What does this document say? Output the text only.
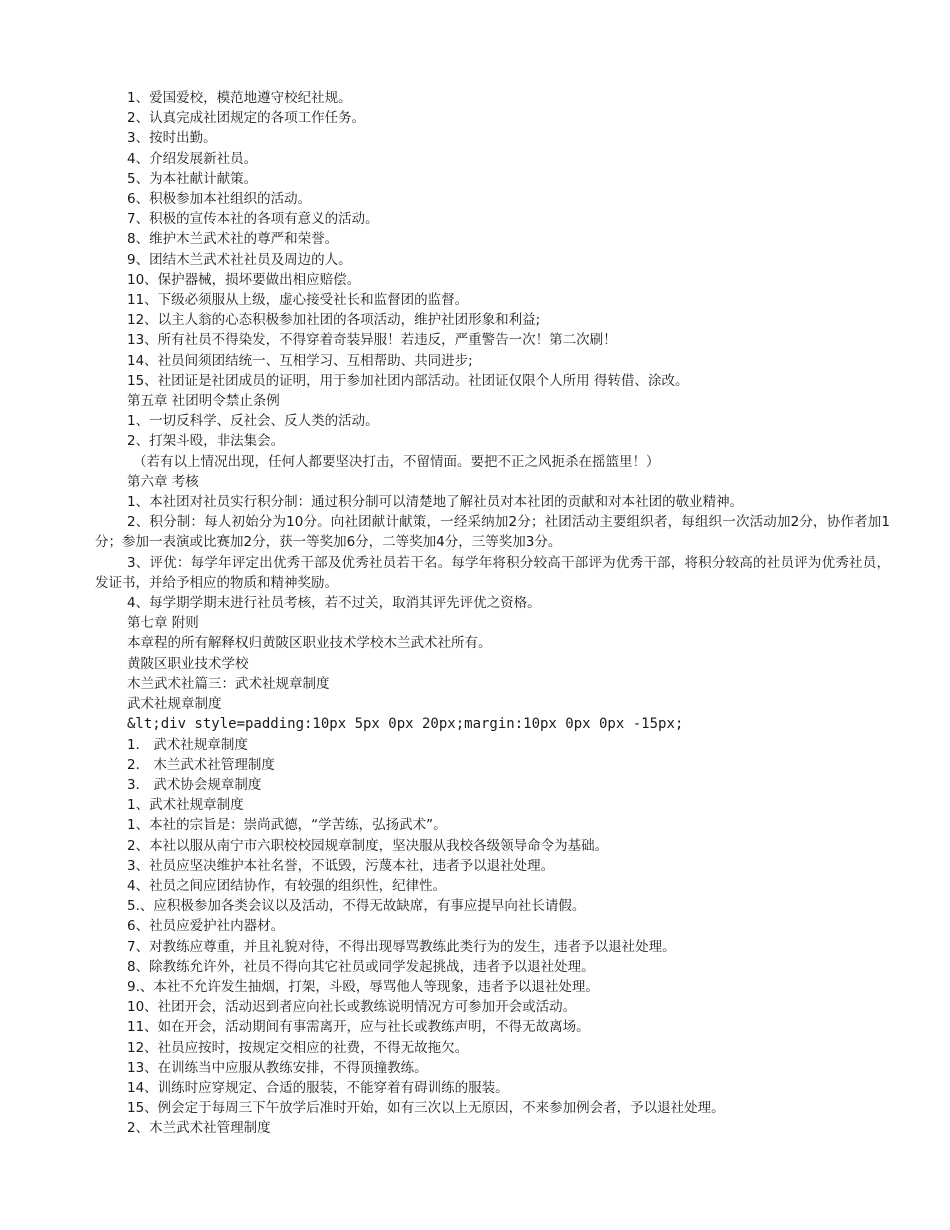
1、爱国爱校，模范地遵守校纪社规。
2、认真完成社团规定的各项工作任务。
3、按时出勤。
4、介绍发展新社员。
5、为本社献计献策。
6、积极参加本社组织的活动。
7、积极的宣传本社的各项有意义的活动。
8、维护木兰武术社的尊严和荣誉。
9、团结木兰武术社社员及周边的人。
10、保护器械，损坏要做出相应赔偿。
11、下级必须服从上级，虚心接受社长和监督团的监督。
12、以主人翁的心态积极参加社团的各项活动，维护社团形象和利益;
13、所有社员不得染发，不得穿着奇装异服！若违反，严重警告一次！第二次刷！
14、社员间须团结统一、互相学习、互相帮助、共同进步;
15、社团证是社团成员的证明，用于参加社团内部活动。社团证仅限个人所用 得转借、涂改。
第五章 社团明令禁止条例
1、一切反科学、反社会、反人类的活动。
2、打架斗殴，非法集会。
（若有以上情况出现，任何人都要坚决打击，不留情面。要把不正之风扼杀在摇篮里！）
第六章 考核
1、本社团对社员实行积分制：通过积分制可以清楚地了解社员对本社团的贡献和对本社团的敬业精神。
2、积分制：每人初始分为10分。向社团献计献策，一经采纳加2分；社团活动主要组织者，每组织一次活动加2分，协作者加1分；参加一表演或比赛加2分，获一等奖加6分，二等奖加4分，三等奖加3分。
3、评优：每学年评定出优秀干部及优秀社员若干名。每学年将积分较高干部评为优秀干部，将积分较高的社员评为优秀社员，发证书，并给予相应的物质和精神奖励。
4、每学期学期末进行社员考核，若不过关，取消其评先评优之资格。
第七章 附则
本章程的所有解释权归黄陂区职业技术学校木兰武术社所有。
黄陂区职业技术学校
木兰武术社篇三：武术社规章制度
武术社规章制度
&lt;div style=padding:10px 5px 0px 20px;margin:10px 0px 0px -15px;
1． 武术社规章制度
2． 木兰武术社管理制度
3． 武术协会规章制度
1、武术社规章制度
1、本社的宗旨是：崇尚武德，“学苦练，弘扬武术”。
2、本社以服从南宁市六职校校园规章制度，坚决服从我校各级领导命令为基础。
3、社员应坚决维护本社名誉，不诋毁，污蔑本社，违者予以退社处理。
4、社员之间应团结协作，有较强的组织性，纪律性。
5.、应积极参加各类会议以及活动，不得无故缺席，有事应提早向社长请假。
6、社员应爱护社内器材。
7、对教练应尊重，并且礼貌对待，不得出现辱骂教练此类行为的发生，违者予以退社处理。
8、除教练允许外，社员不得向其它社员或同学发起挑战，违者予以退社处理。
9.、本社不允许发生抽烟，打架，斗殴，辱骂他人等现象，违者予以退社处理。
10、社团开会，活动迟到者应向社长或教练说明情况方可参加开会或活动。
11、如在开会，活动期间有事需离开，应与社长或教练声明，不得无故离场。
12、社员应按时，按规定交相应的社费，不得无故拖欠。
13、在训练当中应服从教练安排，不得顶撞教练。
14、训练时应穿规定、合适的服装，不能穿着有碍训练的服装。
15、例会定于每周三下午放学后准时开始，如有三次以上无原因，不来参加例会者，予以退社处理。
2、木兰武术社管理制度
